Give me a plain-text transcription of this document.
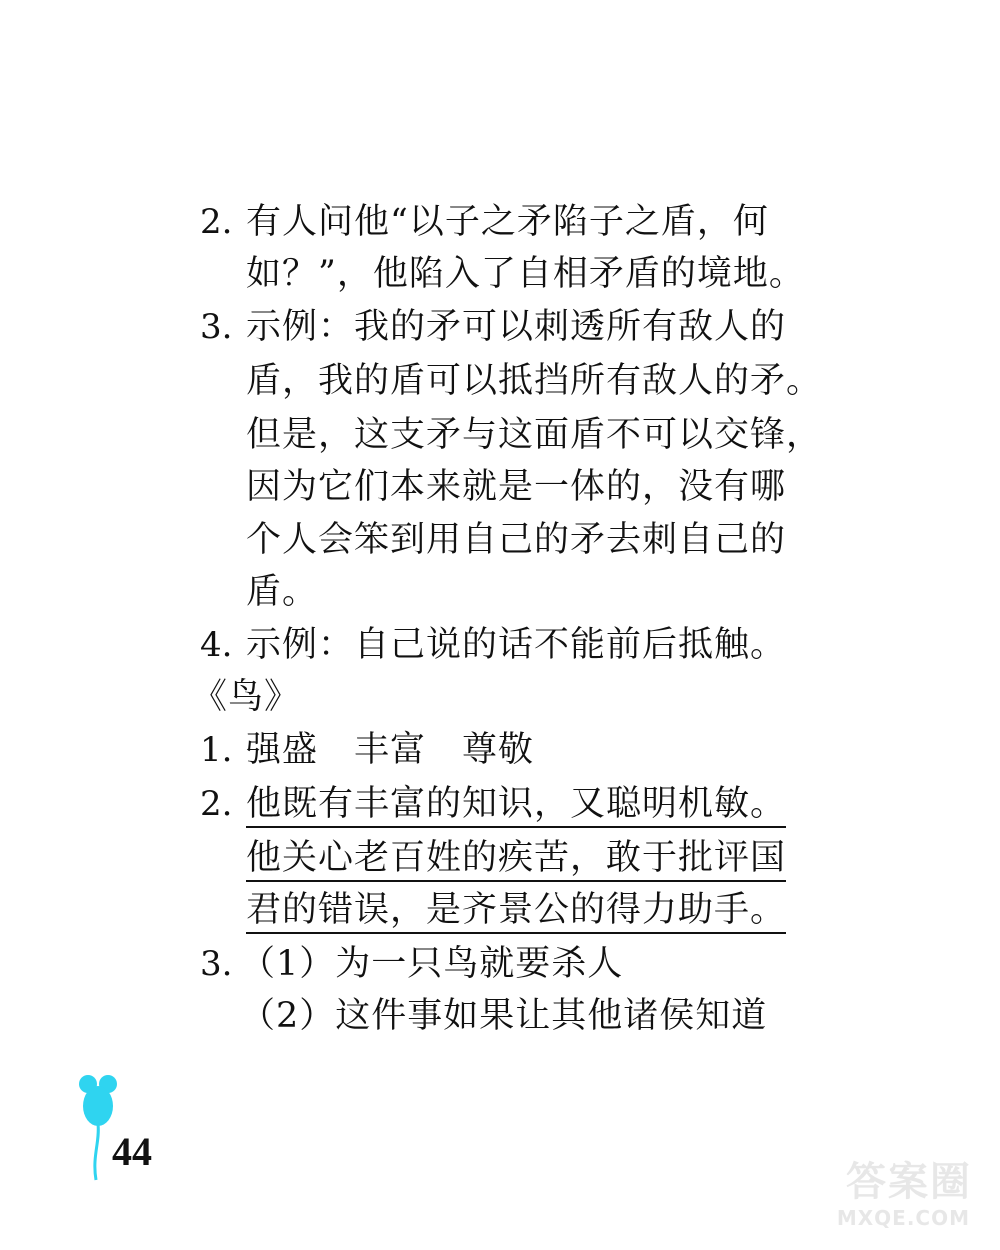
2. 有人问他“以子之矛陷子之盾，何
如？”，他陷入了自相矛盾的境地。
3. 示例：我的矛可以刺透所有敌人的
盾，我的盾可以抵挡所有敌人的矛。
但是，这支矛与这面盾不可以交锋，
因为它们本来就是一体的，没有哪
个人会笨到用自己的矛去刺自己的
盾。
4. 示例：自己说的话不能前后抵触。
《鸟》
1. 强盛　丰富　尊敬
2. 他既有丰富的知识，又聪明机敏。
他关心老百姓的疾苦，敢于批评国
君的错误，是齐景公的得力助手。
3. （1）为一只鸟就要杀人
（2）这件事如果让其他诸侯知道
44
答案圈
MXQE.COM
